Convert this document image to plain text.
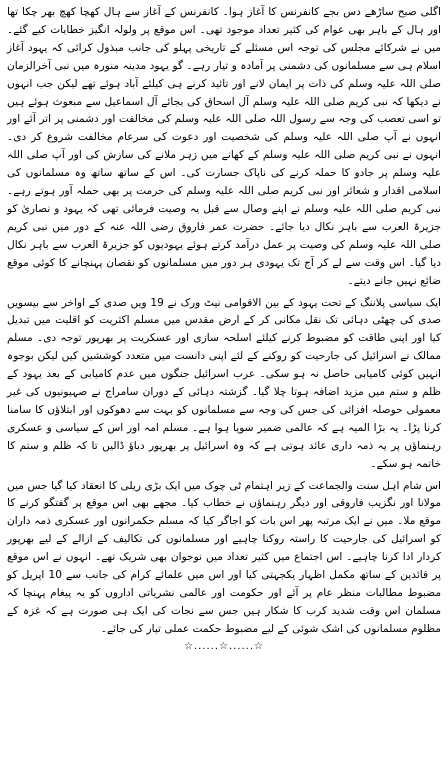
اگلی صبح ساڑھے دس بجے کانفرنس کا آغاز ہوا۔ کانفرنس کے آغاز سے ہال کھچا کھچ بھر چکا تھا اور ہال کے باہر بھی عوام کی کثیر تعداد موجود تھی۔ اس موقع پر ولولہ انگیز خطابات کیے گئے۔ میں نے شرکائے مجلس کی توجہ اس مسئلے کے تاریخی پہلو کی جانب مبذول کرائی کہ یہود آغاز اسلام ہی سے مسلمانوں کی دشمنی پر آمادہ و تیار رہے۔ گو یہود مدینہ منورہ میں نبی آخرالزمان صلی اللہ علیہ وسلم کی ذات پر ایمان لانے اور تائید کرنے ہی کیلئے آباد ہوئے تھے لیکن جب انہوں نے دیکھا کہ نبی کریم صلی اللہ علیہ وسلم آل اسحاق کی بجائے آل اسماعیل سے مبعوث ہوئے ہیں تو اسی تعصب کی وجہ سے رسول اللہ صلی اللہ علیہ وسلم کی مخالفت اور دشمنی پر اتر آئے اور انہوں نے آپ صلی اللہ علیہ وسلم کی شخصیت اور دعوت کی سرعام مخالفت شروع کر دی۔ انہوں نے نبی کریم صلی اللہ علیہ وسلم کے کھانے میں زہر ملانے کی سازش کی اور آپ صلی اللہ علیہ وسلم پر جادو کا حملہ کرنے کی ناپاک جسارت کی۔ اس کے ساتھ ساتھ وہ مسلمانوں کی اسلامی اقدار و شعائر اور نبی کریم صلی اللہ علیہ وسلم کی حرمت پر بھی حملہ آور ہوتے رہے۔ نبی کریم صلی اللہ علیہ وسلم نے اپنے وصال سے قبل یہ وصیت فرمائی تھی کہ یہود و نصاریٰ کو جزیرۃ العرب سے باہر نکال دیا جائے۔ حضرت عمر فاروق رضی اللہ عنہ کے دور میں نبی کریم صلی اللہ علیہ وسلم کی وصیت پر عمل درآمد کرتے ہوئے یہودیوں کو جزیرۃ العرب سے باہر نکال دیا گیا۔ اس وقت سے لے کر آج تک یہودی ہر دور میں مسلمانوں کو نقصان پہنچانے کا کوئی موقع ضائع نہیں جانے دیتے۔

ایک سیاسی پلاننگ کے تحت یہود کے بین الاقوامی نیٹ ورک نے 19 ویں صدی کے اواخر سے بیسویں صدی کی چھٹی دہائی تک نقل مکانی کر کے ارض مقدس میں مسلم اکثریت کو اقلیت میں تبدیل کیا اور اپنی طاقت کو مضبوط کرنے کیلئے اسلحہ سازی اور عسکریت پر بھرپور توجہ دی۔ مسلم ممالک نے اسرائیل کی جارحیت کو روکنے کے لئے اپنی دانست میں متعدد کوششیں کیں لیکن بوجوہ انہیں کوئی کامیابی حاصل نہ ہو سکی۔ عرب اسرائیل جنگوں میں عدم کامیابی کے بعد یہود کے ظلم و ستم میں مزید اضافہ ہوتا چلا گیا۔ گزشتہ دہائی کے دوران سامراج نے صہیونیوں کی غیر معمولی حوصلہ افزائی کی جس کی وجہ سے مسلمانوں کو بہت سے دھوکوں اور ابتلاؤں کا سامنا کرنا پڑا۔ یہ بڑا المیہ ہے کہ عالمی ضمیر سویا ہوا ہے۔ مسلم امہ اور اس کے سیاسی و عسکری رہنماؤں پر یہ ذمہ داری عائد ہوتی ہے کہ وہ اسرائیل پر بھرپور دباؤ ڈالیں تا کہ ظلم و ستم کا خاتمہ ہو سکے۔

اس شام اہل سنت والجماعت کے زیر اہتمام ٹی چوک میں ایک بڑی ریلی کا انعقاد کیا گیا جس میں مولانا اور نگزیب فاروقی اور دیگر رہنماؤں نے خطاب کیا۔ مجھے بھی اس موقع پر گفتگو کرنے کا موقع ملا۔ میں نے ایک مرتبہ پھر اس بات کو اجاگر کیا کہ مسلم حکمرانوں اور عسکری ذمہ داران کو اسرائیل کی جارحیت کا راستہ روکنا چاہیے اور مسلمانوں کی تکالیف کے ازالے کے لیے بھرپور کردار ادا کرنا چاہیے۔ اس اجتماع میں کثیر تعداد میں نوجوان بھی شریک تھے۔ انہوں نے اس موقع پر قائدین کے ساتھ مکمل اظہار یکجہتی کیا اور اس میں علمائے کرام کی جانب سے 10 اپریل کو مضبوط مطالبات منظر عام پر آئے اور حکومت اور عالمی نشریاتی اداروں کو یہ پیغام پہنچا کہ مسلمان اس وقت شدید کرب کا شکار ہیں جس سے نجات کی ایک ہی صورت ہے کہ غزہ کے مظلوم مسلمانوں کی اشک شوئی کے لیے مضبوط حکمت عملی تیار کی جائے۔

☆......☆......☆
